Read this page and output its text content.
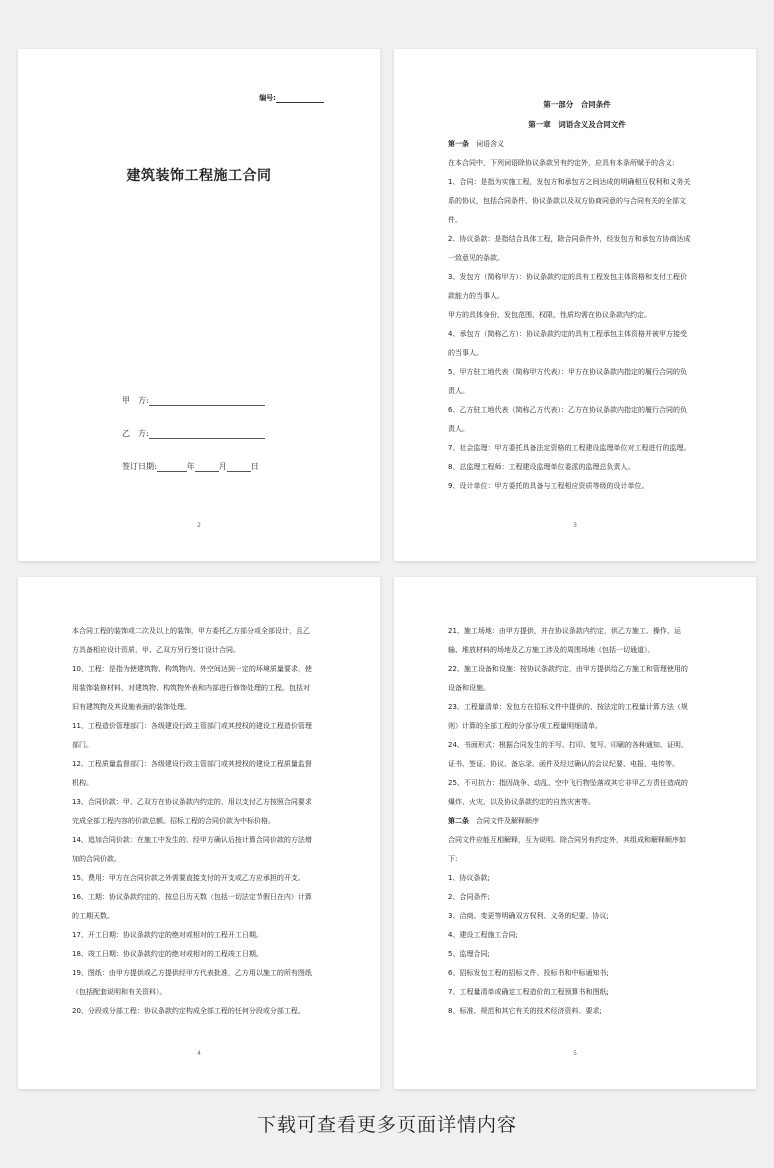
编号:
建筑装饰工程施工合同
甲　方:
乙　方:
签订日期:	年	月	日
2
第一部分　合同条件
第一章　词语含义及合同文件

第一条　 词语含义

在本合同中，下列词语除协议条款另有约定外，应具有本条所赋予的含义:

1、合同：是指为实施工程，发包方和承包方之间达成的明确相互权利和义务关

系的协议，包括合同条件、协议条款以及双方协商同意的与合同有关的全部文

件。

2、协议条款：是指结合具体工程，除合同条件外，经发包方和承包方协商达成

一致意见的条款。

3、发包方（简称甲方）：协议条款约定的具有工程发包主体资格和支付工程价

款能力的当事人。

甲方的具体身份、发包范围、权限、性质均需在协议条款内约定。

4、承包方（简称乙方）：协议条款约定的具有工程承包主体资格并被甲方接受

的当事人。

5、甲方驻工地代表（简称甲方代表）：甲方在协议条款内指定的履行合同的负

责人。

6、乙方驻工地代表（简称乙方代表）：乙方在协议条款内指定的履行合同的负

责人。

7、社会监理：甲方委托具备法定资格的工程建设监理单位对工程进行的监理。

8、总监理工程师：工程建设监理单位委派的监理总负责人。

9、设计单位：甲方委托的具备与工程相应资质等级的设计单位。

3

本合同工程的装饰或二次及以上的装饰，甲方委托乙方部分或全部设计，且乙

方具备相应设计资质，甲、乙双方另行签订设计合同。

10、工程：是指为使建筑物、构筑物内、外空间达到一定的环境质量要求，使

用装饰装修材料，对建筑物、构筑物外表和内部进行修饰处理的工程。包括对

旧有建筑物及其设施表面的装饰处理。

11、工程造价管理部门：各级建设行政主管部门或其授权的建设工程造价管理

部门。

12、工程质量监督部门：各级建设行政主管部门或其授权的建设工程质量监督

机构。

13、合同价款：甲、乙双方在协议条款内约定的、用以支付乙方按照合同要求

完成全部工程内容的价款总额。招标工程的合同价款为中标价格。

14、追加合同价款：在施工中发生的、经甲方确认后按计算合同价款的方法增

加的合同价款。

15、费用：甲方在合同价款之外需要直接支付的开支或乙方应承担的开支。

16、工期：协议条款约定的、按总日历天数（包括一切法定节假日在内）计算

的工期天数。

17、开工日期：协议条款约定的绝对或相对的工程开工日期。

18、竣工日期：协议条款约定的绝对或相对的工程竣工日期。

19、图纸：由甲方提供或乙方提供经甲方代表批准，乙方用以施工的所有图纸

（包括配套说明和有关资料）。

20、分段或分部工程：协议条款约定构成全部工程的任何分段或分部工程。

4

21、施工场地：由甲方提供，并在协议条款内约定，供乙方施工、操作、运

输、堆放材料的场地及乙方施工涉及的周围场地（包括一切通道）。

22、施工设备和设施：按协议条款约定，由甲方提供给乙方施工和管理使用的

设备和设施。

23、工程量清单：发包方在招标文件中提供的、按法定的工程量计算方法（规

则）计算的全部工程的分部分项工程量明细清单。

24、书面形式：根据合同发生的手写、打印、复写、印刷的各种通知、证明、

证书、签证、协议、备忘录、函件及经过确认的会议纪要、电报、电传等。

25、不可抗力：指因战争、动乱、空中飞行物坠落或其它非甲乙方责任造成的

爆炸、火灾，以及协议条款约定的自然灾害等。

第二条　 合同文件及解释顺序

合同文件应能互相解释，互为说明。除合同另有约定外，其组成和解释顺序如

下:

1、协议条款;

2、合同条件;

3、洽商、变更等明确双方权利、义务的纪要、协议;

4、建设工程施工合同;

5、监理合同;

6、招标发包工程的招标文件、投标书和中标通知书;

7、工程量清单或确定工程造价的工程预算书和图纸;

8、标准、规范和其它有关的技术经济资料、要求;

5
下载可查看更多页面详情内容
